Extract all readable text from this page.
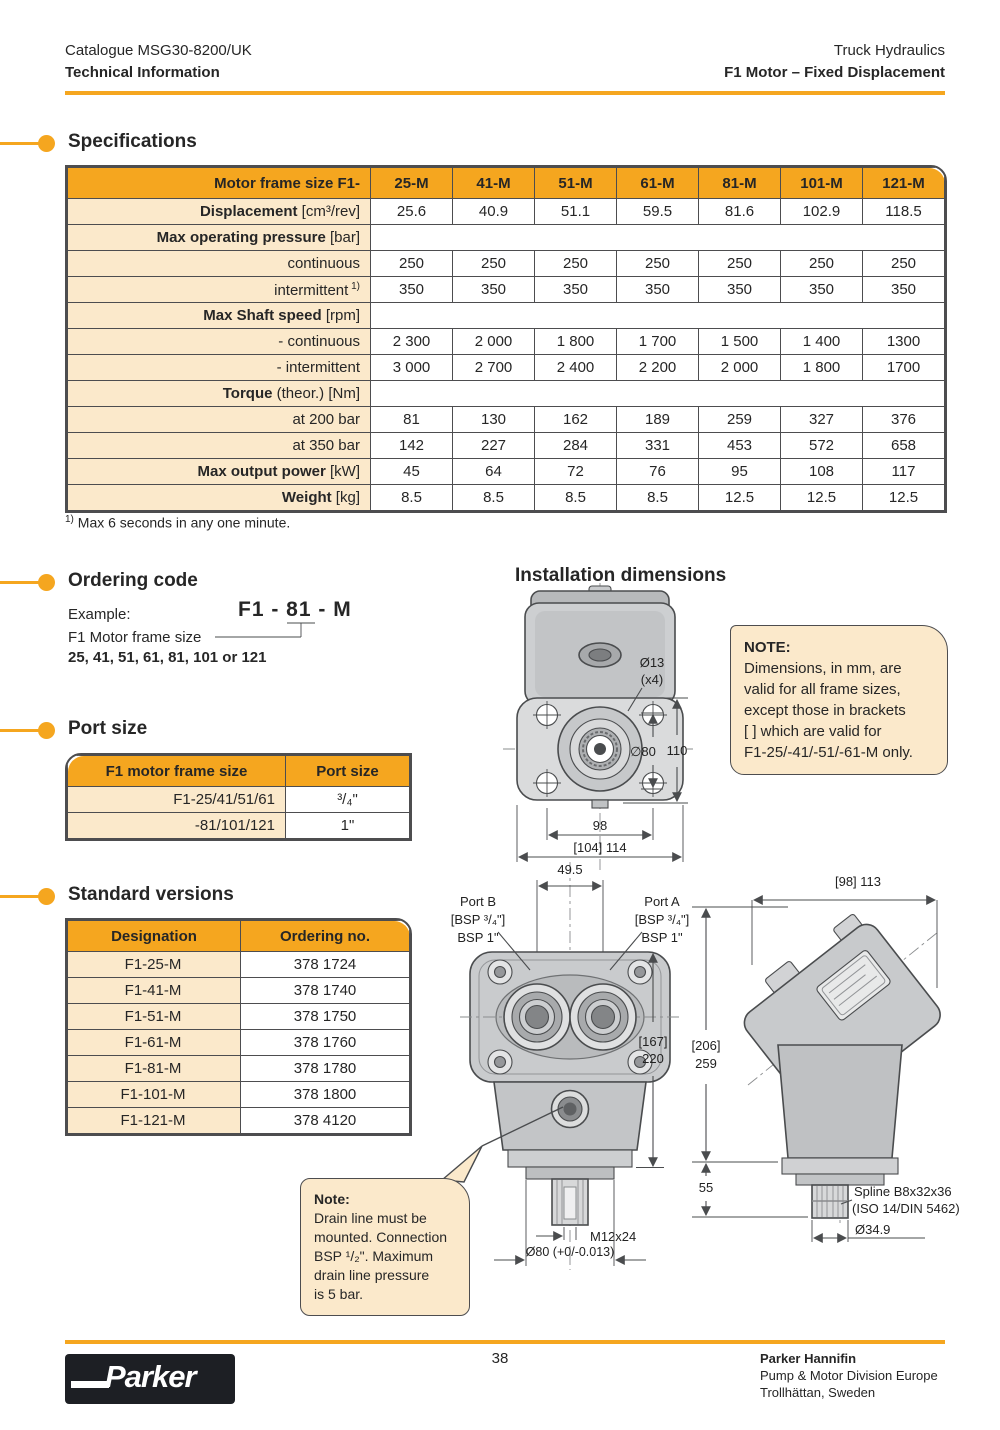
Catalogue MSG30-8200/UK
Technical Information
Truck Hydraulics
F1 Motor – Fixed Displacement
Specifications
Motor frame size F1-	25-M	41-M	51-M	61-M	81-M	101-M	121-M
Displacement [cm³/rev]	25.6	40.9	51.1	59.5	81.6	102.9	118.5
Max operating pressure [bar]							
continuous	250	250	250	250	250	250	250
intermittent $^{1)}$	350	350	350	350	350	350	350
Max Shaft speed [rpm]							
- continuous	2 300	2 000	1 800	1 700	1 500	1 400	1300
- intermittent	3 000	2 700	2 400	2 200	2 000	1 800	1700
Torque (theor.) [Nm]							
at 200 bar	81	130	162	189	259	327	376
at 350 bar	142	227	284	331	453	572	658
Max output power [kW]	45	64	72	76	95	108	117
Weight [kg]	8.5	8.5	8.5	8.5	12.5	12.5	12.5
$^{1)}$ Max 6 seconds in any one minute.
Ordering code
Example:	F1 - 81 - M
F1 Motor frame size
25, 41, 51, 61, 81, 101 or 121
Installation dimensions
NOTE:
Dimensions, in mm, are
valid for all frame sizes,
except those in brackets
[ ] which are valid for
F1-25/-41/-51/-61-M only.
Port size
F1 motor frame size	Port size
F1-25/41/51/61	³/₄"
-81/101/121	1"
Standard versions
Designation	Ordering no.
F1-25-M	378 1724
F1-41-M	378 1740
F1-51-M	378 1750
F1-61-M	378 1760
F1-81-M	378 1780
F1-101-M	378 1800
F1-121-M	378 4120
Ø13
(x4)
∅80 110
98
[104] 114
49.5
Port B
[BSP ³/₄"]
BSP 1"
Port A
[BSP ³/₄"]
BSP 1"
[167]
220
M12x24
Ø80 (+0/-0.013)
[98] 113
[206]
259
55	Spline B8x32x36
(ISO 14/DIN 5462)
Ø34.9
Note:
Drain line must be
mounted. Connection
BSP ¹/₂". Maximum
drain line pressure
is 5 bar.
Parker
38	Parker Hannifin
Pump & Motor Division Europe
Trollhättan, Sweden
